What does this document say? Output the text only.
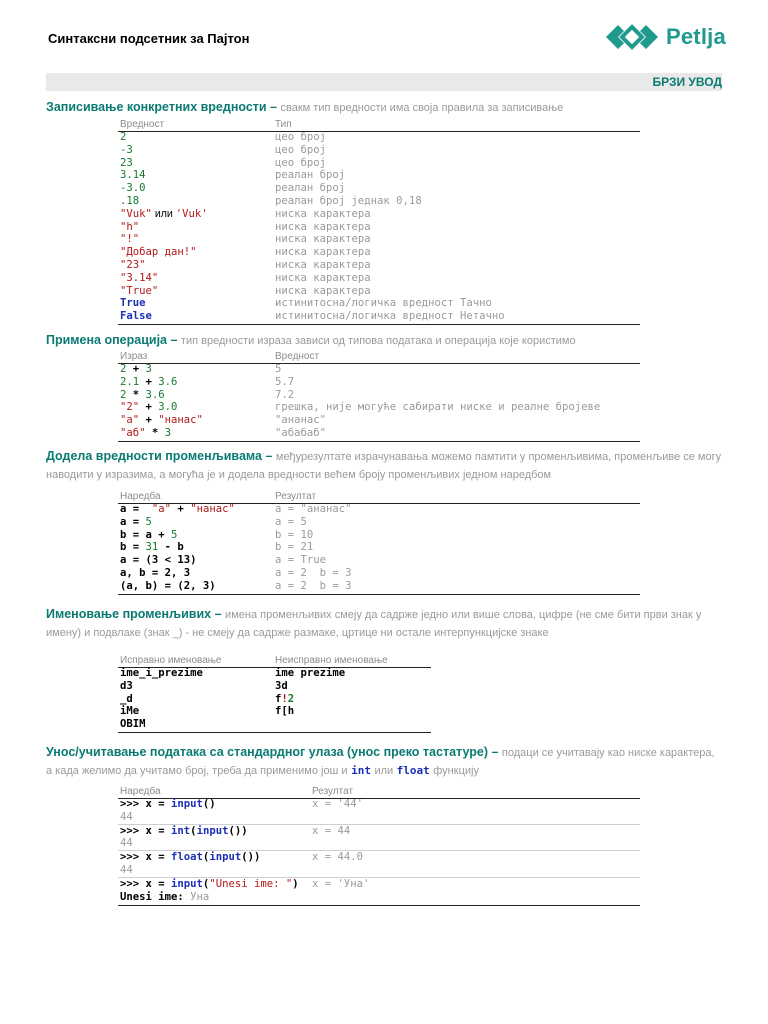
Синтаксни подсетник за Пајтон	Petlja
БРЗИ УВОД
Записивање конкретних вредности – свакм тип вредности има своја правила за записивање
Вредност	Тип
2	цео број
-3	цео број
23	цео број
3.14	реалан број
-3.0	реалан број
.18	реалан број једнак 0,18
"Vuk" или 'Vuk'	ниска карактера
"h"	ниска карактера
"!"	ниска карактера
"Добар дан!"	ниска карактера
"23"	ниска карактера
"3.14"	ниска карактера
"True"	ниска карактера
True	истинитосна/логичка вредност Тачно
False	истинитосна/логичка вредност Нетачно
Примена операција – тип вредности израза зависи од типова података и операција које користимо
Израз	Вредност
2 + 3	5
2.1 + 3.6	5.7
2 * 3.6	7.2
"2" + 3.0	грешка, није могуће сабирати ниске и реалне бројеве
"a" + "нанас"	"ананас"
"аб" * 3	"абабаб"
Додела вредности променљивама – међурезултате израчунавања можемо памтити у променљивима, променљиве се могу наводити у изразима, а могућа је и додела вредности већем броју променљивих једном наредбом
Наредба	Резултат
a =  "a" + "нанас"	a = "ананас"
a = 5	a = 5
b = a + 5	b = 10
b = 31 - b	b = 21
a = (3 < 13)	a = True
a, b = 2, 3	a = 2  b = 3
(a, b) = (2, 3)	a = 2  b = 3
Именовање променљивих – имена променљивих смеју да садрже једно или више слова, цифре (не сме бити први знак у имену) и подвлаке (знак _) - не смеју да садрже размаке, цртице ни остале интерпункцијске знаке
Исправно именовање	Неисправно именовање
ime_i_prezime	ime prezime
d3	3d
_d	f!2
iMe	f[h
OBIM
Унос/учитавање података са стандардног улаза (унос преко тастатуре) – подаци се учитавају као ниске карактера,
а када желимо да учитамо број, треба да применимо још и int или float функцију
Наредба	Резултат
>>> x = input()	x = '44'
44
>>> x = int(input())	x = 44
44
>>> x = float(input())	x = 44.0
44
>>> x = input("Unesi ime: ") x = 'Уна'
Unesi ime: Уна
